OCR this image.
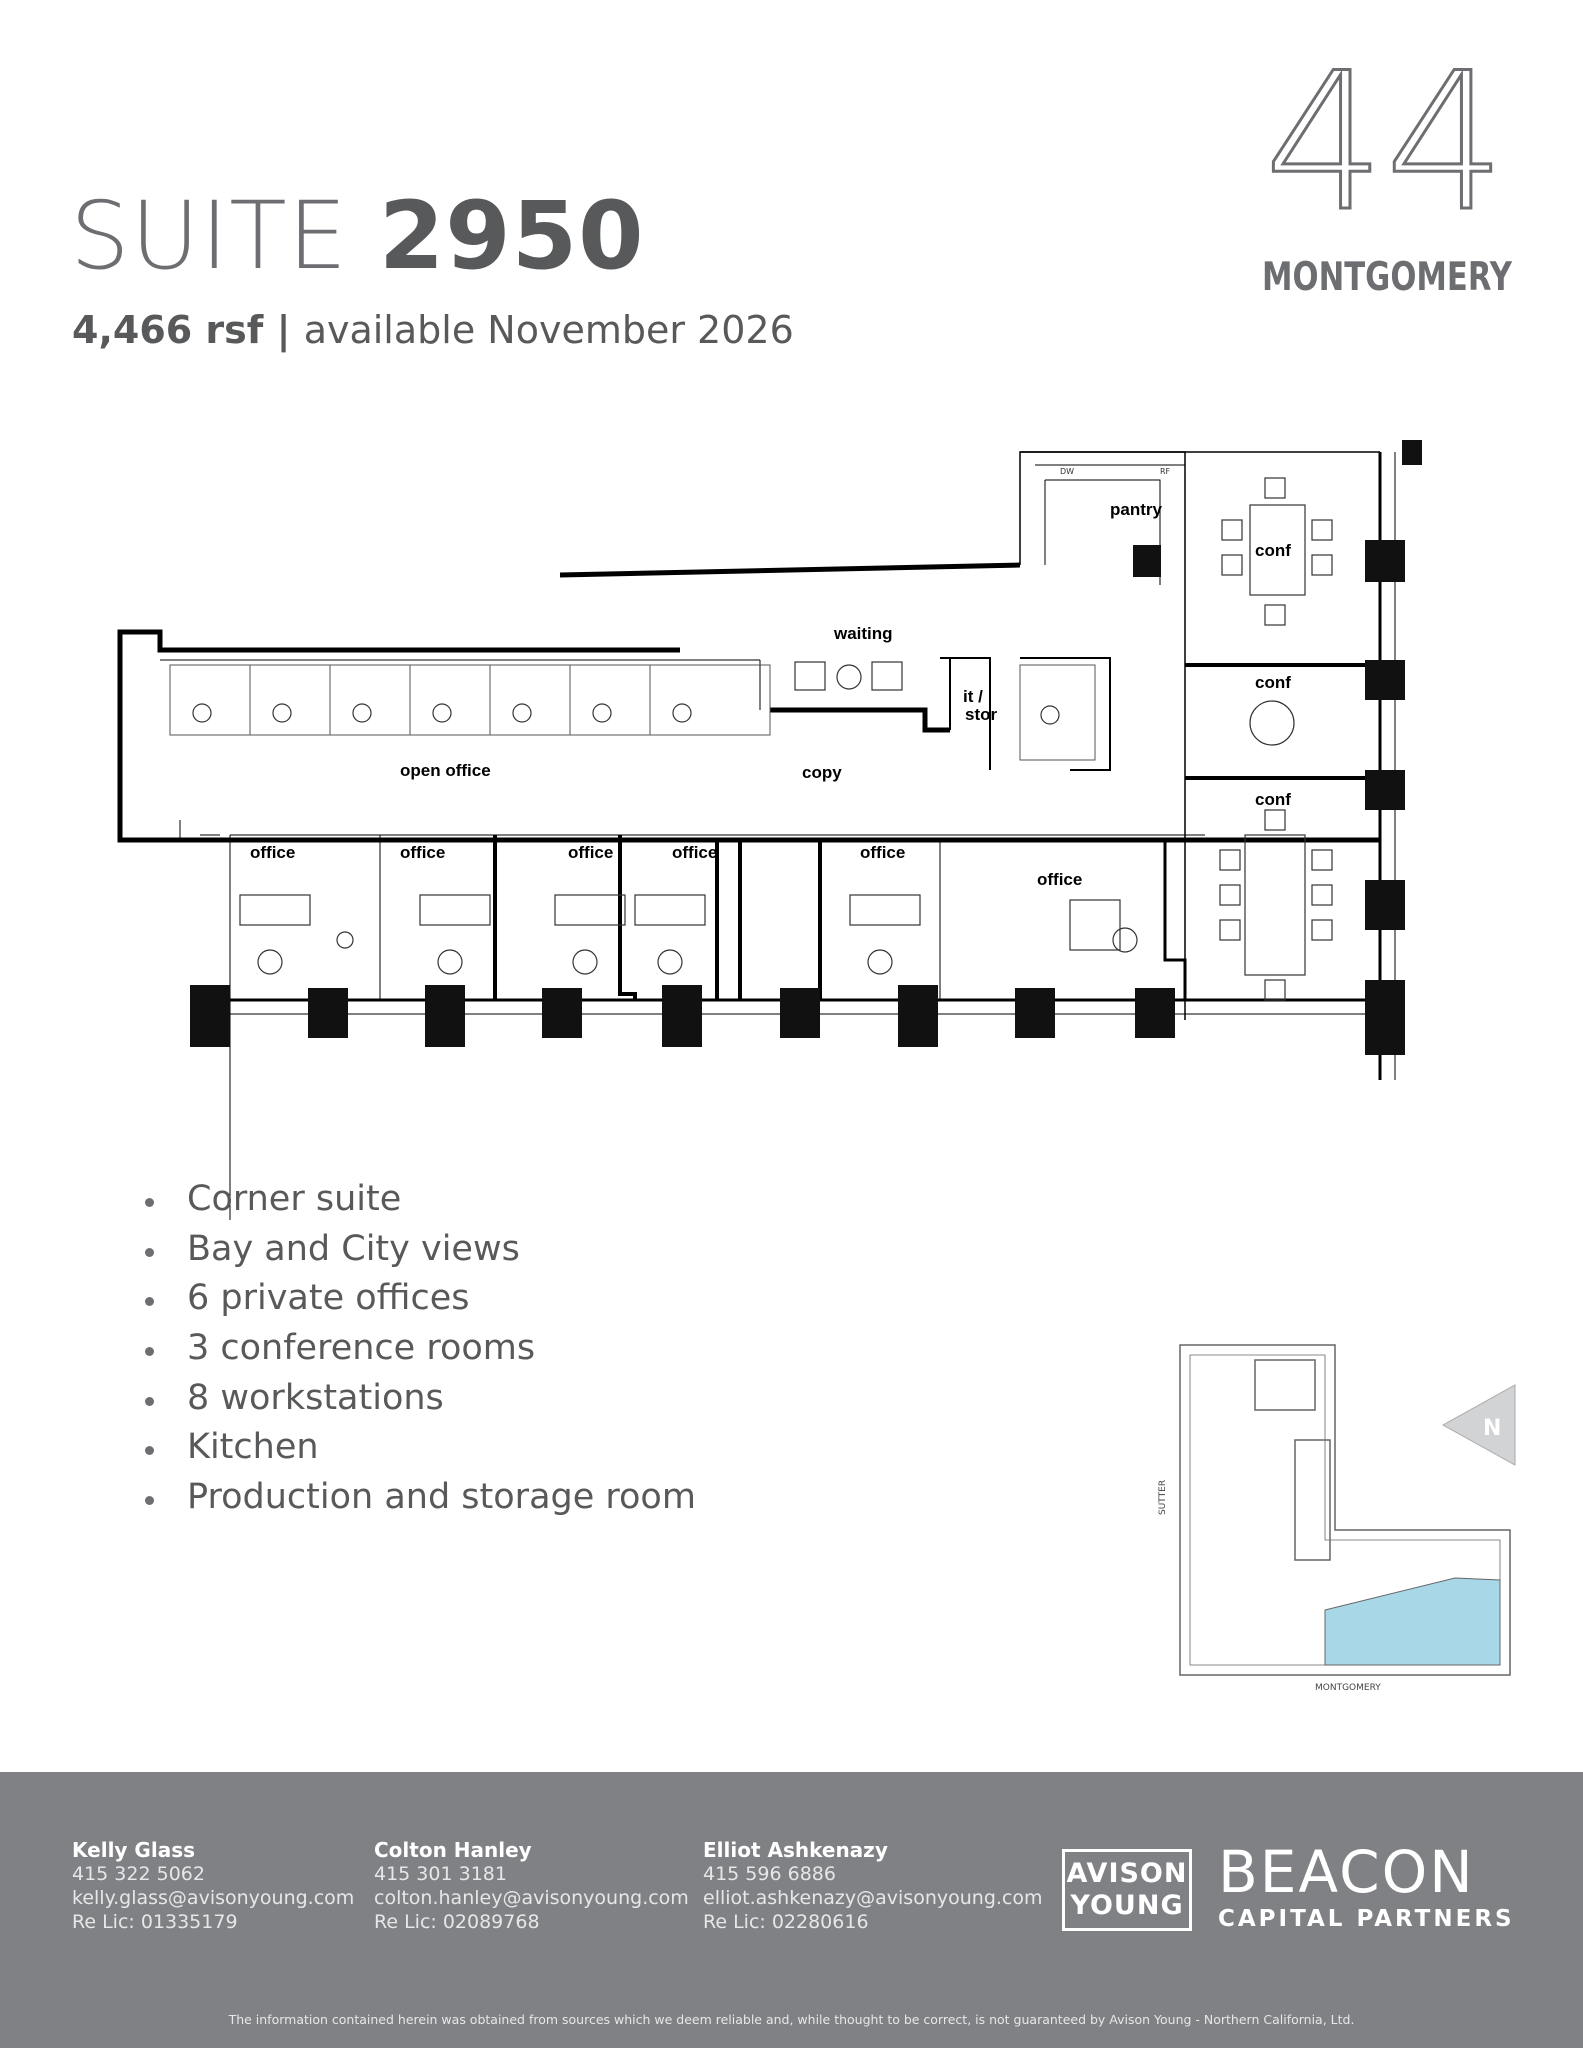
44
MONTGOMERY
SUITE 2950
4,466 rsf | available November 2026
pantry
conf
waiting
conf
it /
stor
open office	copy
conf
office	office	office	office	office
office
DW	RF
Corner suite
Bay and City views
6 private offices
3 conference rooms
8 workstations
Kitchen
Production and storage room
N
SUTTER
MONTGOMERY
Kelly Glass
415 322 5062
kelly.glass@avisonyoung.com
Re Lic: 01335179
Colton Hanley
415 301 3181
colton.hanley@avisonyoung.com
Re Lic: 02089768
Elliot Ashkenazy
415 596 6886
elliot.ashkenazy@avisonyoung.com
Re Lic: 02280616
AVISON
YOUNG BEACON
CAPITAL PARTNERS
The information contained herein was obtained from sources which we deem reliable and, while thought to be correct, is not guaranteed by Avison Young - Northern California, Ltd.
